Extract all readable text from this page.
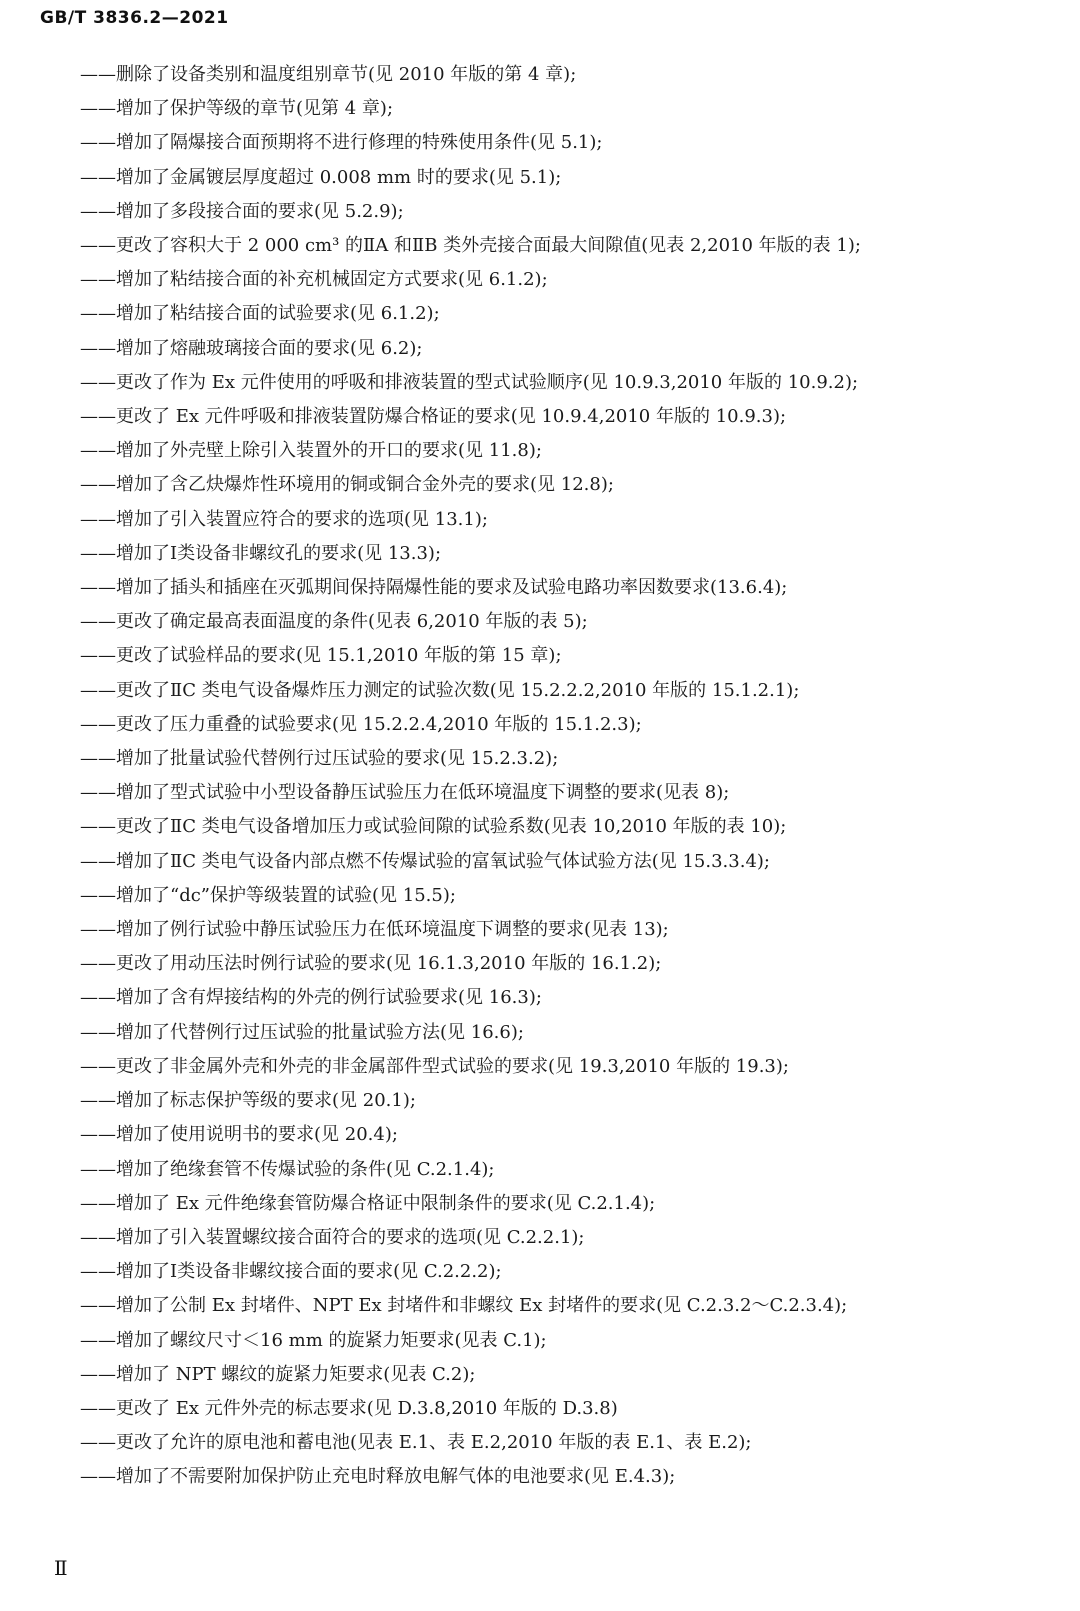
GB/T 3836.2—2021
——删除了设备类别和温度组别章节(见 2010 年版的第 4 章);
——增加了保护等级的章节(见第 4 章);
——增加了隔爆接合面预期将不进行修理的特殊使用条件(见 5.1);
——增加了金属镀层厚度超过 0.008 mm 时的要求(见 5.1);
——增加了多段接合面的要求(见 5.2.9);
——更改了容积大于 2 000 cm³ 的ⅡA 和ⅡB 类外壳接合面最大间隙值(见表 2,2010 年版的表 1);
——增加了粘结接合面的补充机械固定方式要求(见 6.1.2);
——增加了粘结接合面的试验要求(见 6.1.2);
——增加了熔融玻璃接合面的要求(见 6.2);
——更改了作为 Ex 元件使用的呼吸和排液装置的型式试验顺序(见 10.9.3,2010 年版的 10.9.2);
——更改了 Ex 元件呼吸和排液装置防爆合格证的要求(见 10.9.4,2010 年版的 10.9.3);
——增加了外壳壁上除引入装置外的开口的要求(见 11.8);
——增加了含乙炔爆炸性环境用的铜或铜合金外壳的要求(见 12.8);
——增加了引入装置应符合的要求的选项(见 13.1);
——增加了Ⅰ类设备非螺纹孔的要求(见 13.3);
——增加了插头和插座在灭弧期间保持隔爆性能的要求及试验电路功率因数要求(13.6.4);
——更改了确定最高表面温度的条件(见表 6,2010 年版的表 5);
——更改了试验样品的要求(见 15.1,2010 年版的第 15 章);
——更改了ⅡC 类电气设备爆炸压力测定的试验次数(见 15.2.2.2,2010 年版的 15.1.2.1);
——更改了压力重叠的试验要求(见 15.2.2.4,2010 年版的 15.1.2.3);
——增加了批量试验代替例行过压试验的要求(见 15.2.3.2);
——增加了型式试验中小型设备静压试验压力在低环境温度下调整的要求(见表 8);
——更改了ⅡC 类电气设备增加压力或试验间隙的试验系数(见表 10,2010 年版的表 10);
——增加了ⅡC 类电气设备内部点燃不传爆试验的富氧试验气体试验方法(见 15.3.3.4);
——增加了“dc”保护等级装置的试验(见 15.5);
——增加了例行试验中静压试验压力在低环境温度下调整的要求(见表 13);
——更改了用动压法时例行试验的要求(见 16.1.3,2010 年版的 16.1.2);
——增加了含有焊接结构的外壳的例行试验要求(见 16.3);
——增加了代替例行过压试验的批量试验方法(见 16.6);
——更改了非金属外壳和外壳的非金属部件型式试验的要求(见 19.3,2010 年版的 19.3);
——增加了标志保护等级的要求(见 20.1);
——增加了使用说明书的要求(见 20.4);
——增加了绝缘套管不传爆试验的条件(见 C.2.1.4);
——增加了 Ex 元件绝缘套管防爆合格证中限制条件的要求(见 C.2.1.4);
——增加了引入装置螺纹接合面符合的要求的选项(见 C.2.2.1);
——增加了Ⅰ类设备非螺纹接合面的要求(见 C.2.2.2);
——增加了公制 Ex 封堵件、NPT Ex 封堵件和非螺纹 Ex 封堵件的要求(见 C.2.3.2～C.2.3.4);
——增加了螺纹尺寸＜16 mm 的旋紧力矩要求(见表 C.1);
——增加了 NPT 螺纹的旋紧力矩要求(见表 C.2);
——更改了 Ex 元件外壳的标志要求(见 D.3.8,2010 年版的 D.3.8)
——更改了允许的原电池和蓄电池(见表 E.1、表 E.2,2010 年版的表 E.1、表 E.2);
——增加了不需要附加保护防止充电时释放电解气体的电池要求(见 E.4.3);
Ⅱ
